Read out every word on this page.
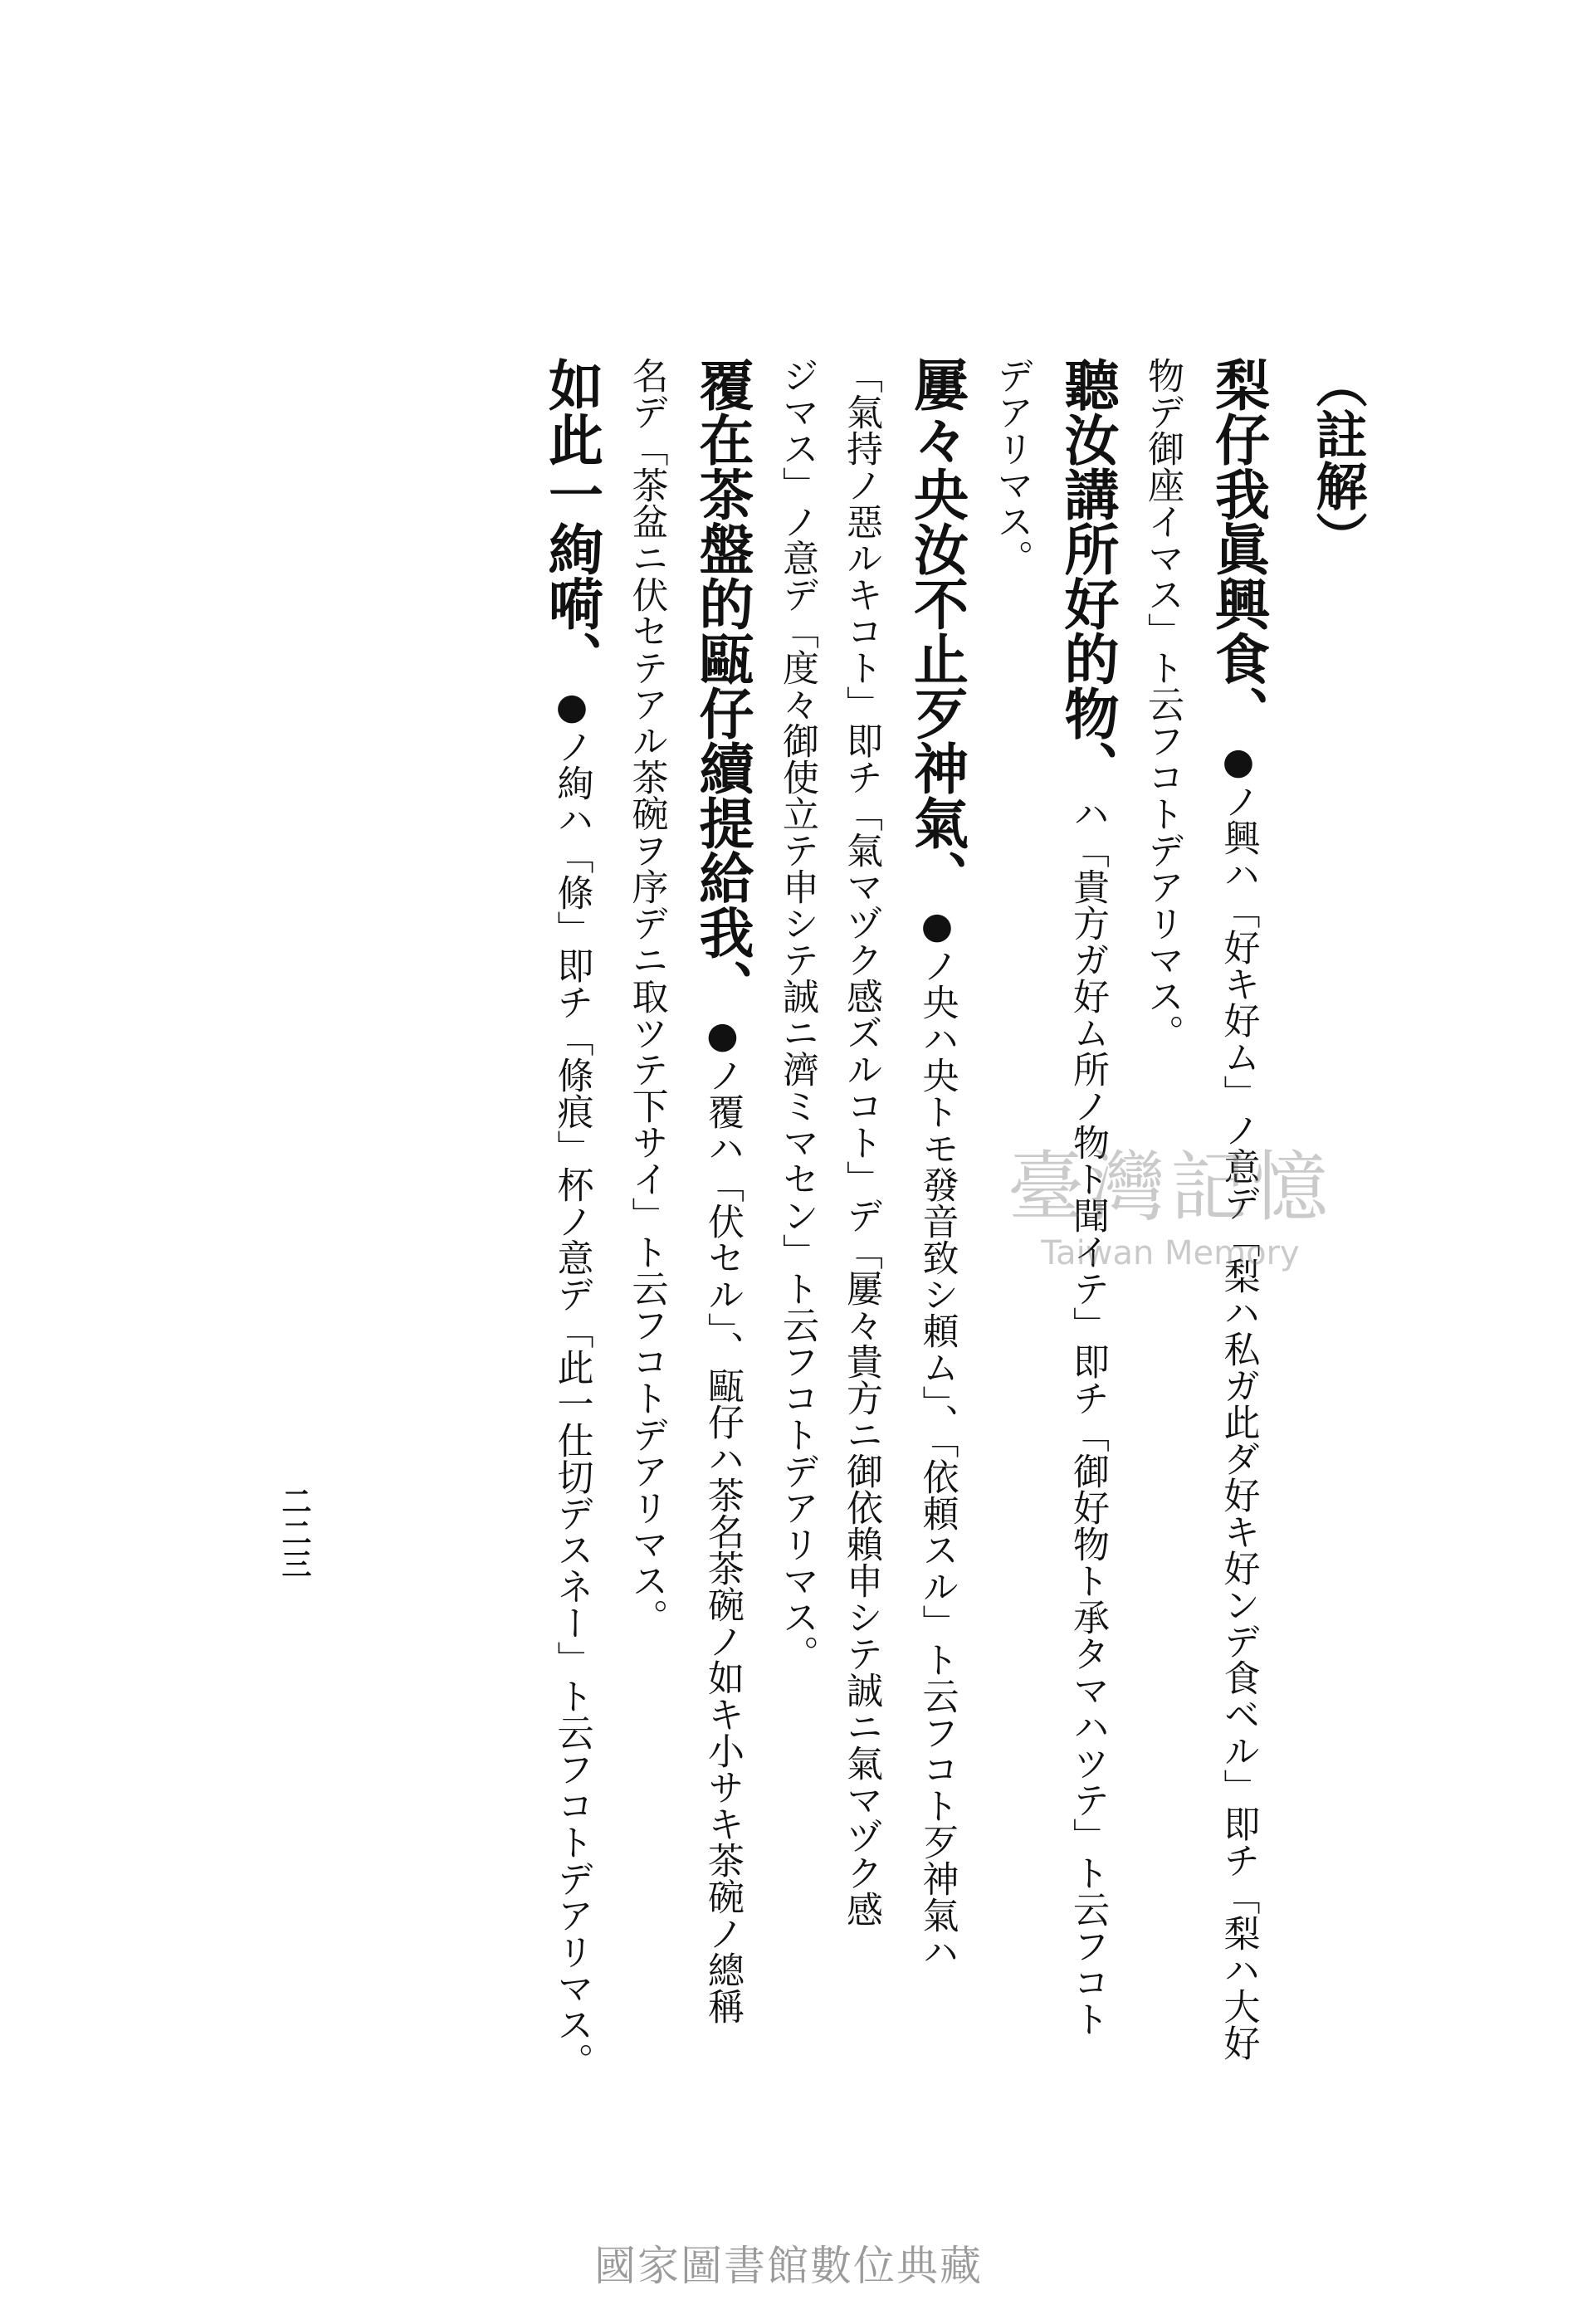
（註解）
梨仔我眞興食、●ノ興ハ「好キ好ム」ノ意デ「梨ハ私ガ此ダ好キ好ンデ食ベル」即チ「梨ハ大好
物デ御座イマス」ト云フコトデアリマス。
聽汝講所好的物、ハ「貴方ガ好ム所ノ物ト聞イテ」即チ「御好物ト承タマハツテ」ト云フコト
デアリマス。
屢々央汝不止歹神氣、●ノ央ハ央トモ發音致シ頼ム」、「依頼スル」ト云フコト歹神氣ハ
「氣持ノ惡ルキコト」即チ「氣マヅク感ズルコト」デ「屢々貴方ニ御依賴申シテ誠ニ氣マヅク感
ジマス」ノ意デ「度々御使立テ申シテ誠ニ濟ミマセン」ト云フコトデアリマス。
覆在茶盤的甌仔續提給我、●ノ覆ハ「伏セル」、甌仔ハ茶名茶碗ノ如キ小サキ茶碗ノ總稱
名デ「茶盆ニ伏セテアル茶碗ヲ序デニ取ツテ下サイ」ト云フコトデアリマス。
如此一絢嗬、●ノ絢ハ「條」即チ「條痕」杯ノ意デ「此一仕切デスネー」ト云フコトデアリマス。
二二三
臺灣記憶
Taiwan Memory
國家圖書館數位典藏
